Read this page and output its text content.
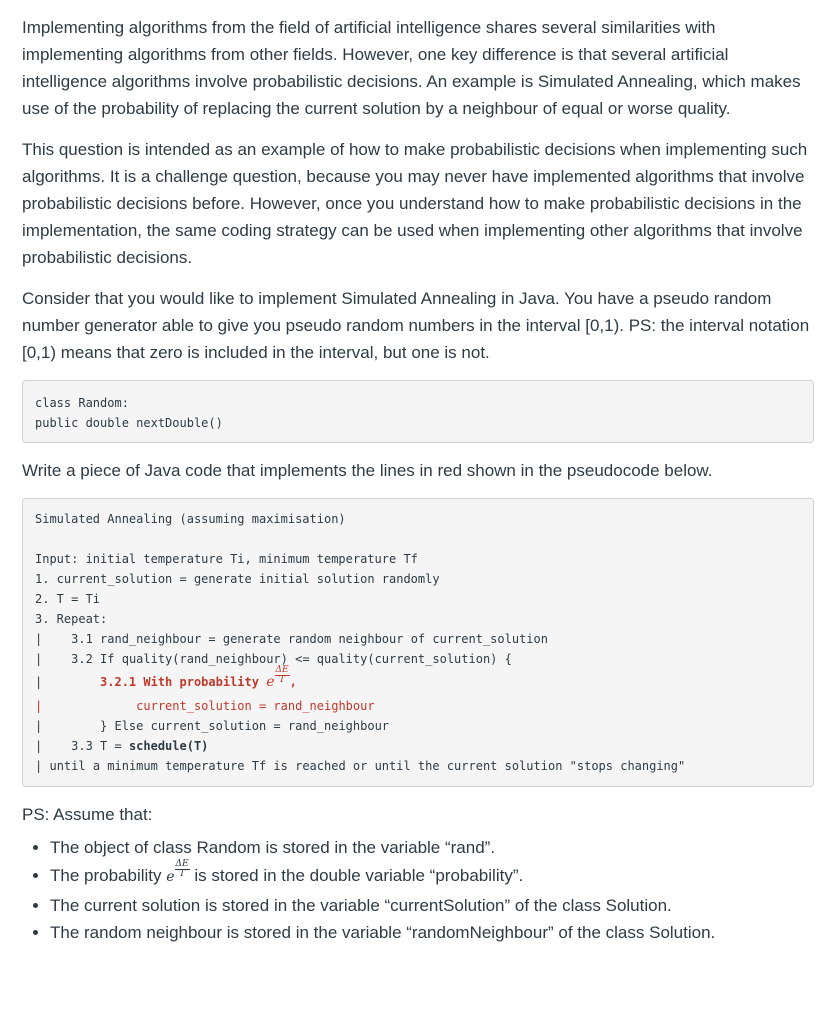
Implementing algorithms from the field of artificial intelligence shares several similarities with implementing algorithms from other fields. However, one key difference is that several artificial intelligence algorithms involve probabilistic decisions. An example is Simulated Annealing, which makes use of the probability of replacing the current solution by a neighbour of equal or worse quality.

This question is intended as an example of how to make probabilistic decisions when implementing such algorithms. It is a challenge question, because you may never have implemented algorithms that involve probabilistic decisions before. However, once you understand how to make probabilistic decisions in the implementation, the same coding strategy can be used when implementing other algorithms that involve probabilistic decisions.

Consider that you would like to implement Simulated Annealing in Java. You have a pseudo random number generator able to give you pseudo random numbers in the interval [0,1). PS: the interval notation [0,1) means that zero is included in the interval, but one is not.

class Random:
public double nextDouble()

Write a piece of Java code that implements the lines in red shown in the pseudocode below.

Simulated Annealing (assuming maximisation)

Input: initial temperature Ti, minimum temperature Tf
1. current_solution = generate initial solution randomly
2. T = Ti
3. Repeat:
| 3.1 rand_neighbour = generate random neighbour of current_solution
| 3.2 If quality(rand_neighbour) <= quality(current_solution) {
|	3.2.1 With probability e $\frac{\Delta E}{T}$ ,
|	current_solution = rand_neighbour
|	} Else current_solution = rand_neighbour
| 3.3 T = schedule(T)
| until a minimum temperature Tf is reached or until the current solution "stops changing"

PS: Assume that:

• The object of class Random is stored in the variable “rand”.
• The probability e $\frac{\Delta E}{T}$ is stored in the double variable “probability”.
• The current solution is stored in the variable “currentSolution” of the class Solution.
• The random neighbour is stored in the variable “randomNeighbour” of the class Solution.
